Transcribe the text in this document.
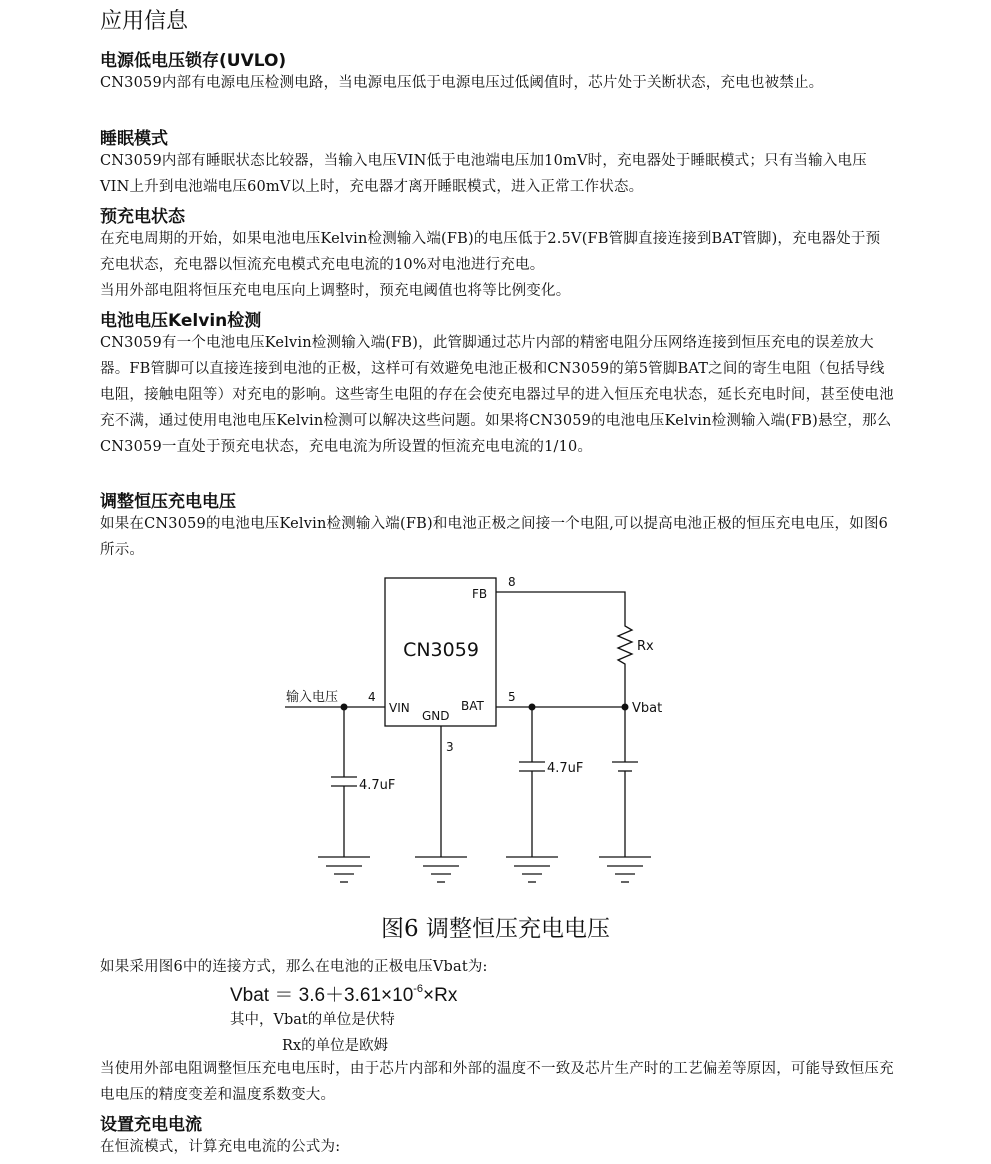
应用信息
电源低电压锁存(UVLO)

CN3059内部有电源电压检测电路，当电源电压低于电源电压过低阈值时，芯片处于关断状态，充电也被禁止。

睡眠模式

CN3059内部有睡眠状态比较器，当输入电压VIN低于电池端电压加10mV时，充电器处于睡眠模式；只有当输入电压VIN上升到电池端电压60mV以上时，充电器才离开睡眠模式，进入正常工作状态。

预充电状态

在充电周期的开始，如果电池电压Kelvin检测输入端(FB)的电压低于2.5V(FB管脚直接连接到BAT管脚)，充电器处于预充电状态，充电器以恒流充电模式充电电流的10%对电池进行充电。

当用外部电阻将恒压充电电压向上调整时，预充电阈值也将等比例变化。

电池电压Kelvin检测

CN3059有一个电池电压Kelvin检测输入端(FB)，此管脚通过芯片内部的精密电阻分压网络连接到恒压充电的误差放大器。FB管脚可以直接连接到电池的正极，这样可有效避免电池正极和CN3059的第5管脚BAT之间的寄生电阻（包括导线电阻，接触电阻等）对充电的影响。这些寄生电阻的存在会使充电器过早的进入恒压充电状态，延长充电时间，甚至使电池充不满，通过使用电池电压Kelvin检测可以解决这些问题。如果将CN3059的电池电压Kelvin检测输入端(FB)悬空，那么CN3059一直处于预充电状态，充电电流为所设置的恒流充电电流的1/10。

调整恒压充电电压

如果在CN3059的电池电压Kelvin检测输入端(FB)和电池正极之间接一个电阻,可以提高电池正极的恒压充电电压，如图6所示。

CN3059
FB
VIN
GND
BAT
8
4
3
5
输入电压
Rx
Vbat
4.7uF
4.7uF

图6 调整恒压充电电压

如果采用图6中的连接方式，那么在电池的正极电压Vbat为:

Vbat ＝ $3.6+3.61\times 10^{-6}\times Rx$

其中，Vbat的单位是伏特

Rx的单位是欧姆

当使用外部电阻调整恒压充电电压时，由于芯片内部和外部的温度不一致及芯片生产时的工艺偏差等原因，可能导致恒压充电电压的精度变差和温度系数变大。

设置充电电流

在恒流模式，计算充电电流的公式为:
